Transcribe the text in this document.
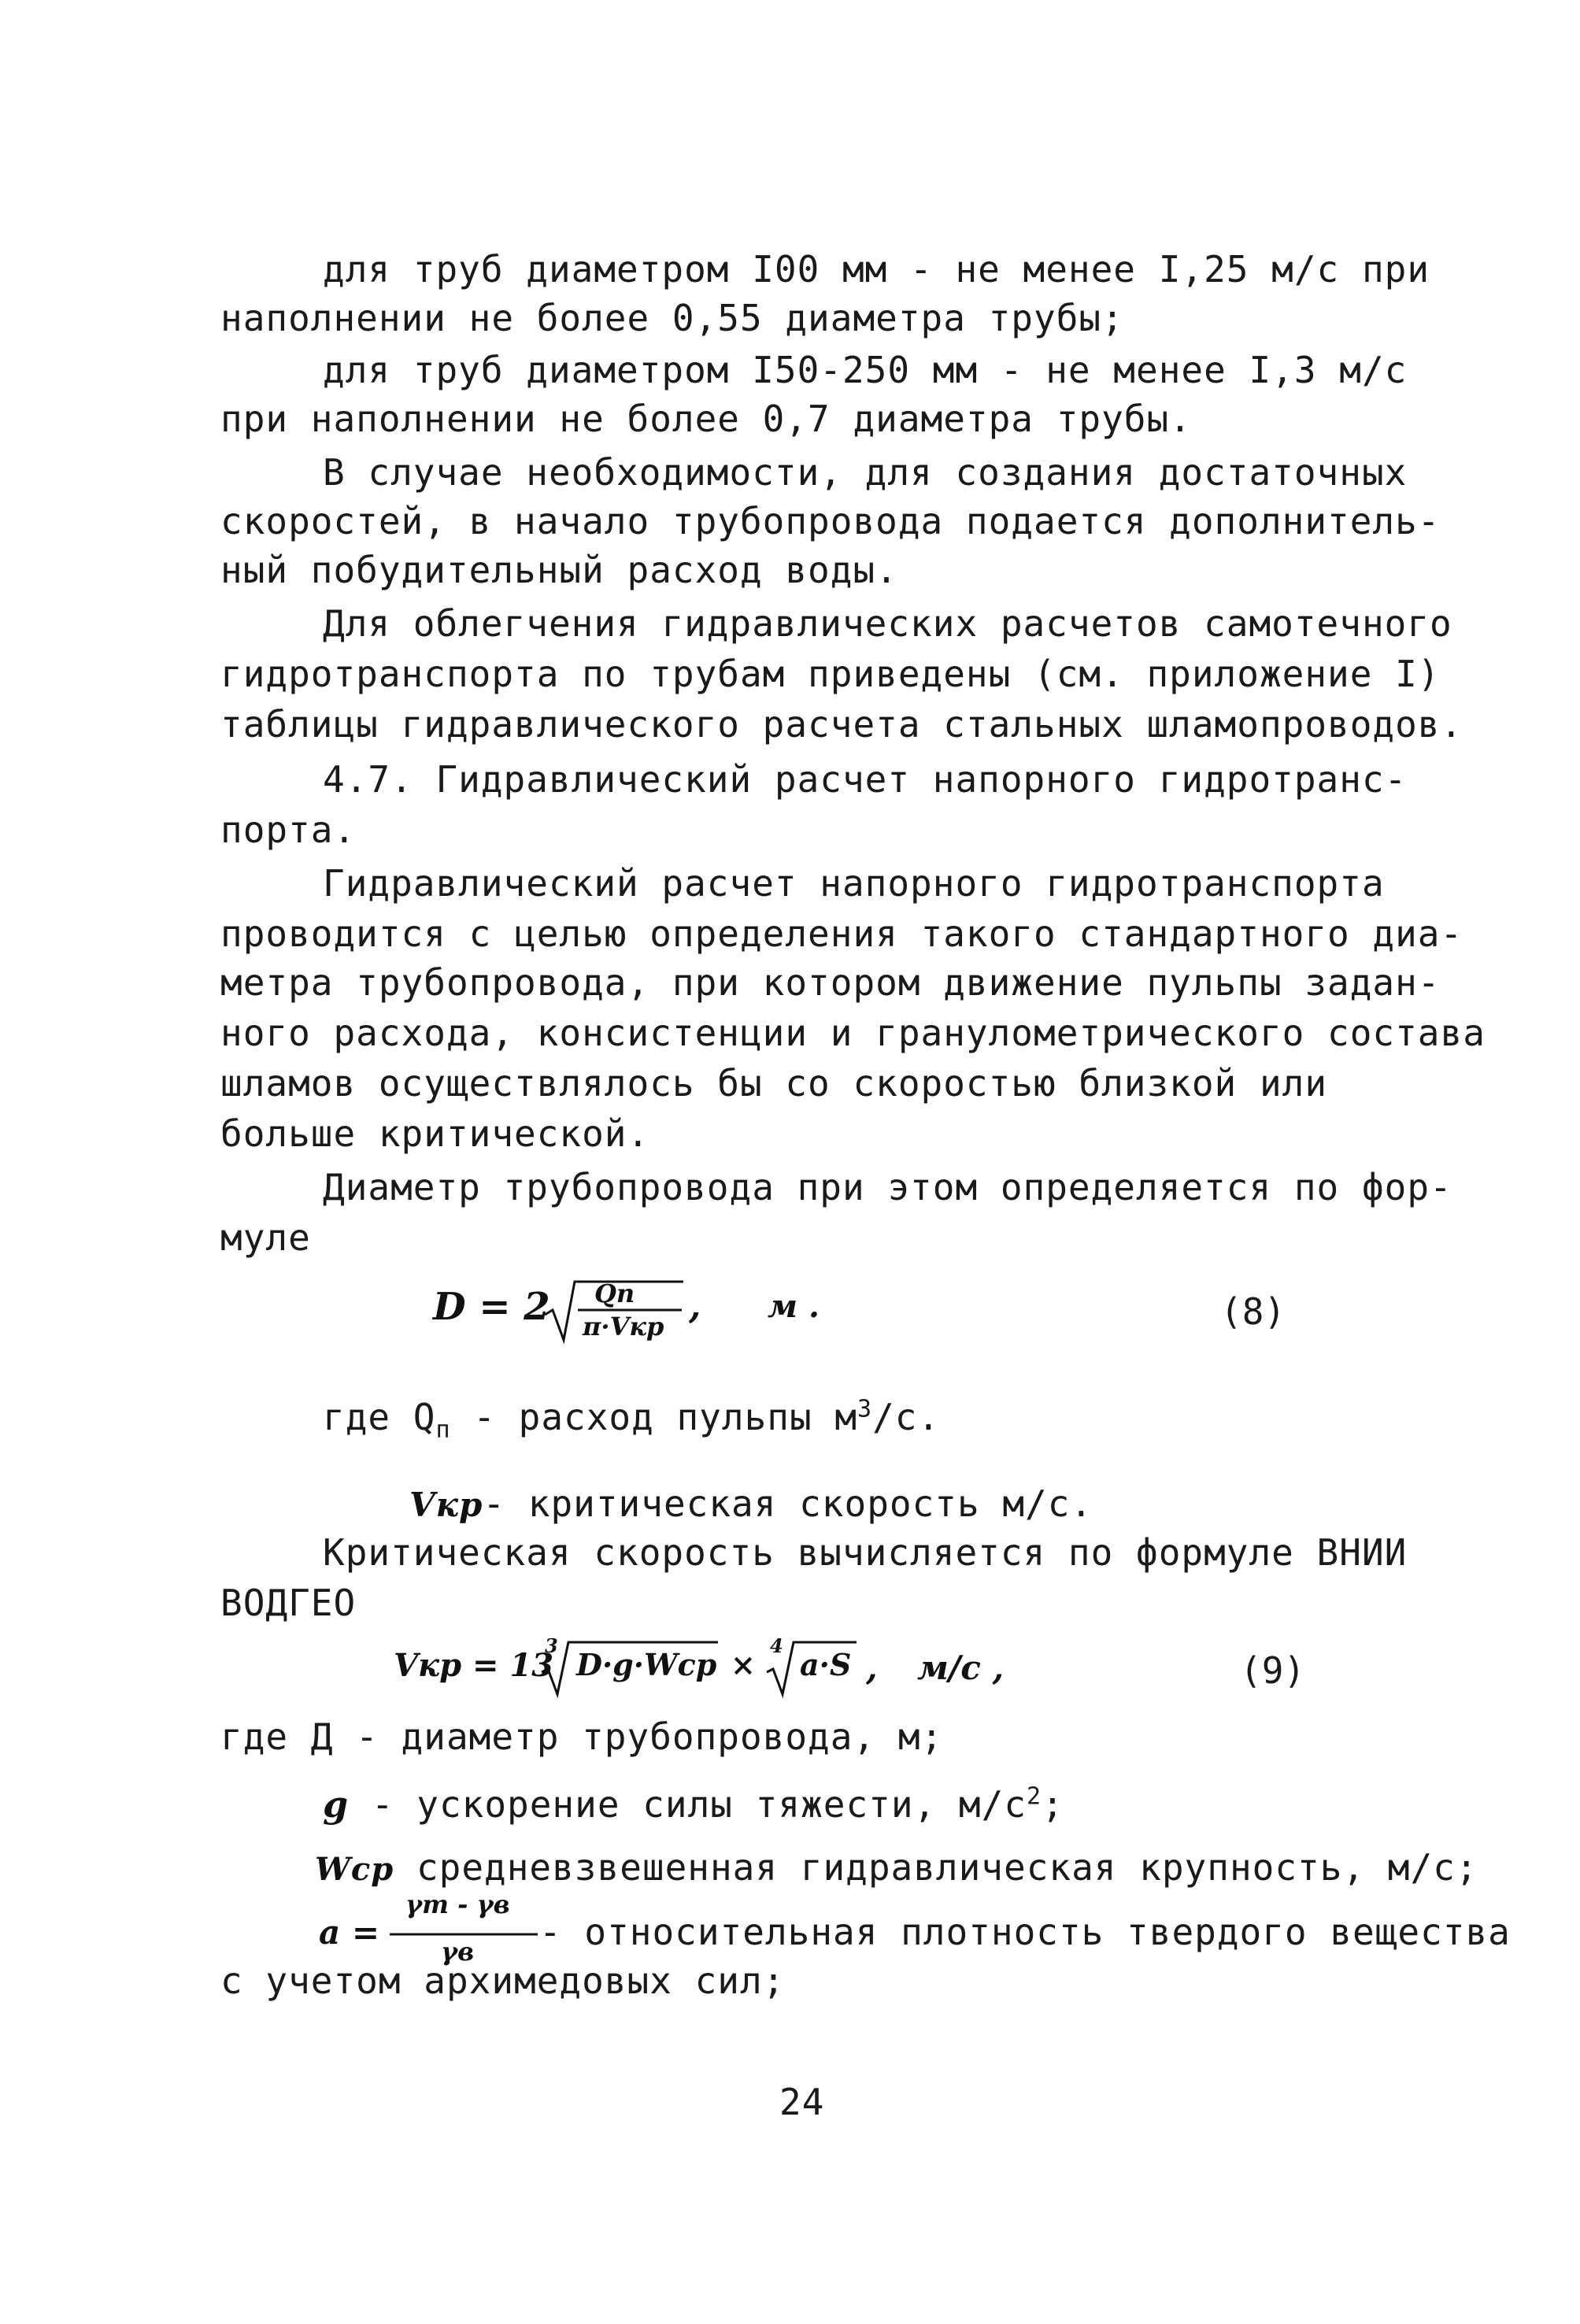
для труб диаметром I00 мм - не менее I,25 м/с при
наполнении не более 0,55 диаметра трубы;
для труб диаметром I50-250 мм - не менее I,3 м/с
при наполнении не более 0,7 диаметра трубы.
В случае необходимости, для создания достаточных
скоростей, в начало трубопровода подается дополнитель-
ный побудительный расход воды.
Для облегчения гидравлических расчетов самотечного
гидротранспорта по трубам приведены (см. приложение I)
таблицы гидравлического расчета стальных шламопроводов.
4.7. Гидравлический расчет напорного гидротранс-
порта.
Гидравлический расчет напорного гидротранспорта
проводится с целью определения такого стандартного диа-
метра трубопровода, при котором движение пульпы задан-
ного расхода, консистенции и гранулометрического состава
шламов осуществлялось бы со скоростью близкой или
больше критической.
Диаметр трубопровода при этом определяется по фор-
муле
D = 2 Qп
π·Vкр , м .	(8)
где $Q_п$ - расход пульпы $м^3/с$.
Vкр- критическая скорость м/с.
Критическая скорость вычисляется по формуле ВНИИ
ВОДГЕО
Vкр = 13
3
D·g·Wср ×
4
a·S , м/с ,	(9)
где Д - диаметр трубопровода, м;
g - ускорение силы тяжести, $м/с^2$;
Wср средневзвешенная гидравлическая крупность, м/с;
a =
γт - γв
γв - относительная плотность твердого вещества
с учетом архимедовых сил;
24
